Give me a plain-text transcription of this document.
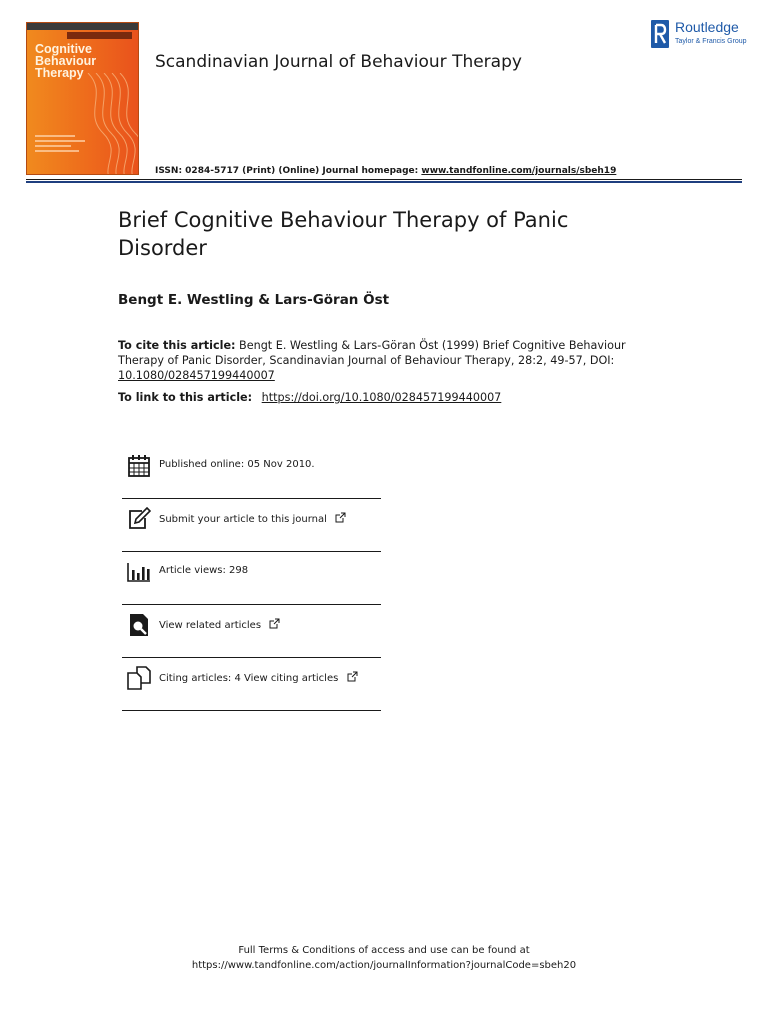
Cognitive
Behaviour
Therapy
Scandinavian Journal of Behaviour Therapy
Routledge
Taylor & Francis Group
ISSN: 0284-5717 (Print) (Online) Journal homepage: www.tandfonline.com/journals/sbeh19
Brief Cognitive Behaviour Therapy of Panic Disorder
Bengt E. Westling & Lars-Göran Öst
To cite this article: Bengt E. Westling & Lars-Göran Öst (1999) Brief Cognitive Behaviour Therapy of Panic Disorder, Scandinavian Journal of Behaviour Therapy, 28:2, 49-57, DOI: 10.1080/028457199440007
To link to this article: https://doi.org/10.1080/028457199440007
Published online: 05 Nov 2010.
Submit your article to this journal
Article views: 298
View related articles
Citing articles: 4 View citing articles
Full Terms & Conditions of access and use can be found at
https://www.tandfonline.com/action/journalInformation?journalCode=sbeh20
